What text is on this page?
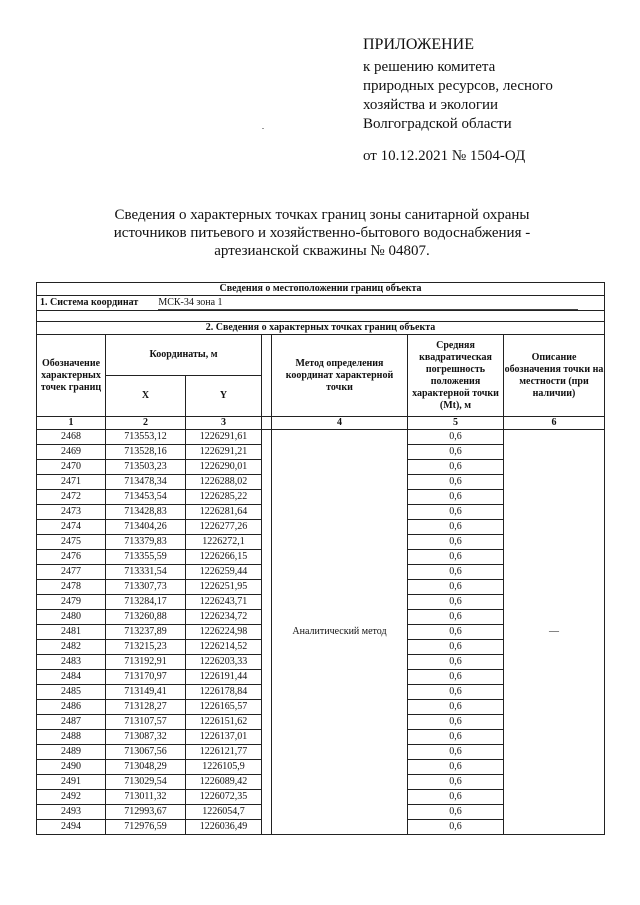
ПРИЛОЖЕНИЕ
к решению комитета
природных ресурсов, лесного
хозяйства и экологии
Волгоградской области
от 10.12.2021 № 1504-ОД
Сведения о характерных точках границ зоны санитарной охраны источников питьевого и хозяйственно-бытового водоснабжения - артезианской скважины № 04807.
Сведения о местоположении границ объекта						
1. Система координат МСК-34 зона 1						

2. Сведения о характерных точках границ объекта						
Обозначение характерных точек границ	Координаты, м			Метод определения координат характерной точки	Средняя квадратическая погрешность положения характерной точки (Mt), м	Описание обозначения точки на местности (при наличии)
	X	Y				
1	2	3		4	5	6
2468	713553,12	1226291,61		Аналитический метод	0,6	—
2469	713528,16	1226291,21			0,6	
2470	713503,23	1226290,01			0,6	
2471	713478,34	1226288,02			0,6	
2472	713453,54	1226285,22			0,6	
2473	713428,83	1226281,64			0,6	
2474	713404,26	1226277,26			0,6	
2475	713379,83	1226272,1			0,6	
2476	713355,59	1226266,15			0,6	
2477	713331,54	1226259,44			0,6	
2478	713307,73	1226251,95			0,6	
2479	713284,17	1226243,71			0,6	
2480	713260,88	1226234,72			0,6	
2481	713237,89	1226224,98			0,6	
2482	713215,23	1226214,52			0,6	
2483	713192,91	1226203,33			0,6	
2484	713170,97	1226191,44			0,6	
2485	713149,41	1226178,84			0,6	
2486	713128,27	1226165,57			0,6	
2487	713107,57	1226151,62			0,6	
2488	713087,32	1226137,01			0,6	
2489	713067,56	1226121,77			0,6	
2490	713048,29	1226105,9			0,6	
2491	713029,54	1226089,42			0,6	
2492	713011,32	1226072,35			0,6	
2493	712993,67	1226054,7			0,6	
2494	712976,59	1226036,49			0,6	
